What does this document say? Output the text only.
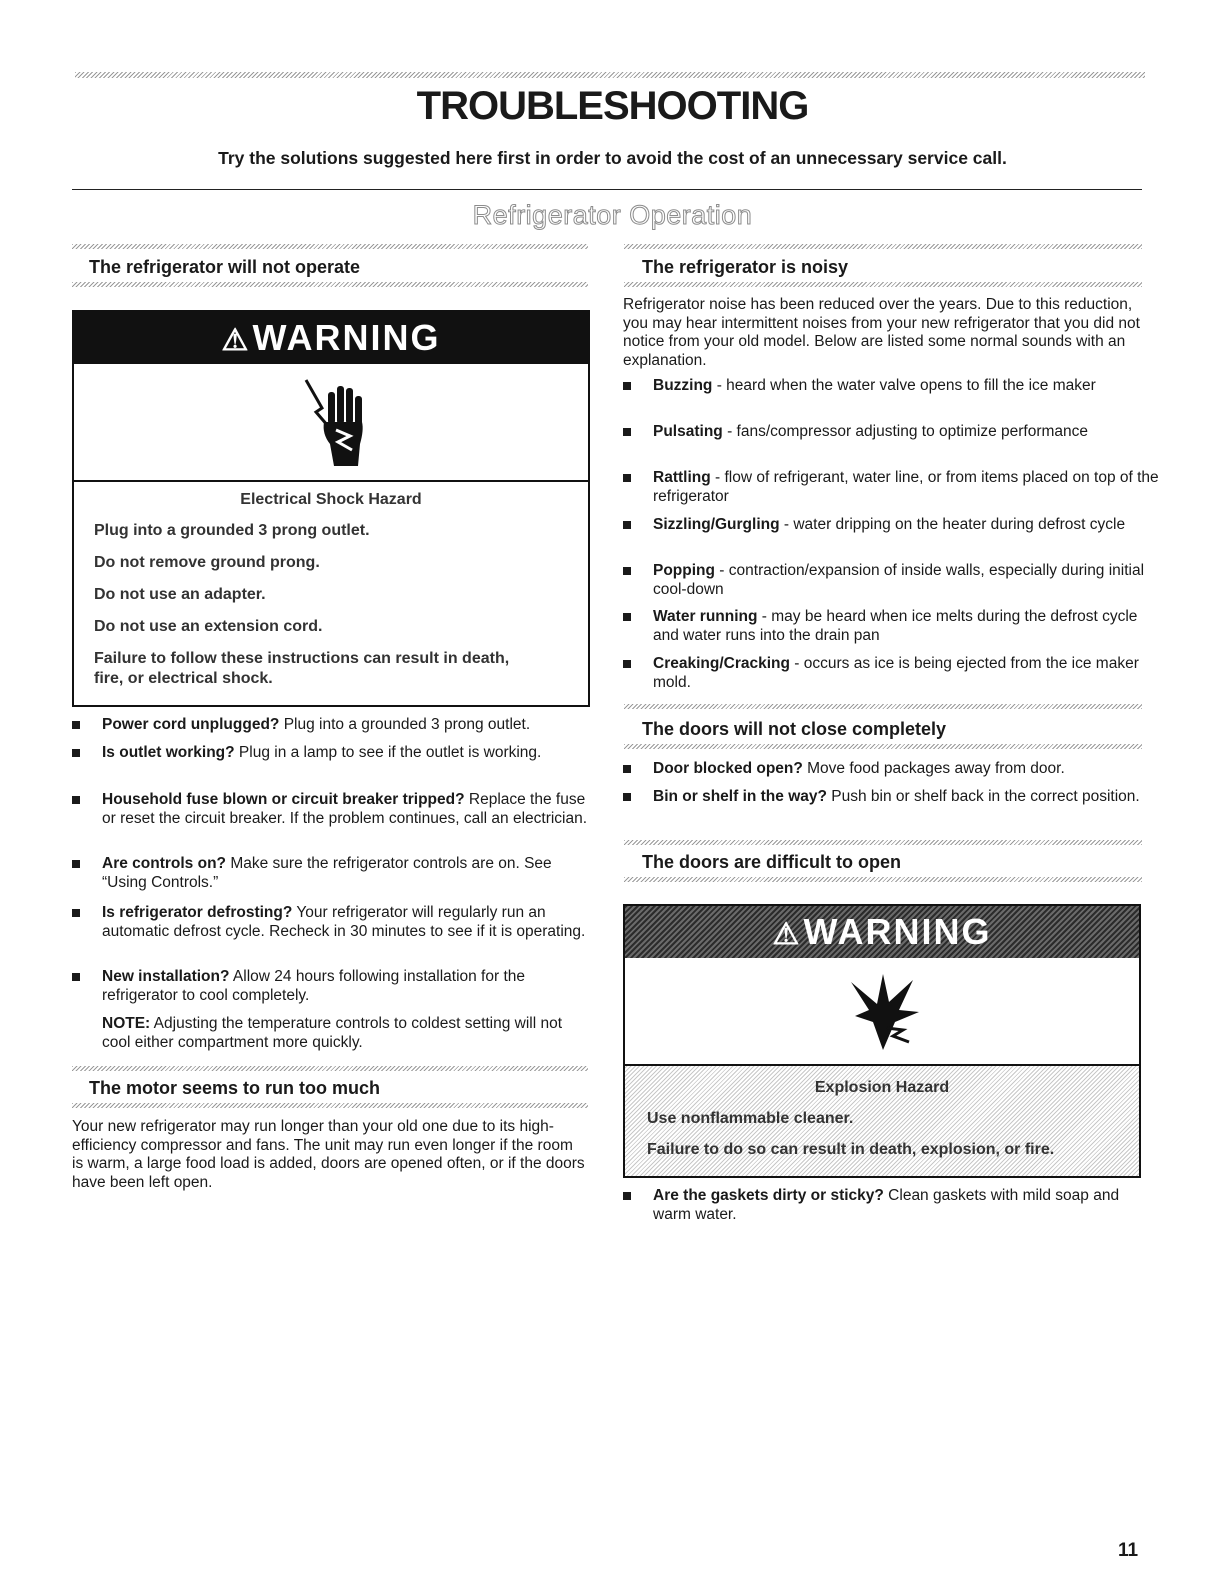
TROUBLESHOOTING

Try the solutions suggested here first in order to avoid the cost of an unnecessary service call.

Refrigerator Operation

The refrigerator will not operate
⚠WARNING

Electrical Shock Hazard

Plug into a grounded 3 prong outlet.

Do not remove ground prong.

Do not use an adapter.

Do not use an extension cord.

Failure to follow these instructions can result in death,

fire, or electrical shock.

Power cord unplugged? Plug into a grounded 3 prong outlet.
Is outlet working? Plug in a lamp to see if the outlet is working.
Household fuse blown or circuit breaker tripped? Replace the fuse or reset the circuit breaker. If the problem continues, call an electrician.
Are controls on? Make sure the refrigerator controls are on. See “Using Controls.”
Is refrigerator defrosting? Your refrigerator will regularly run an automatic defrost cycle. Recheck in 30 minutes to see if it is operating.
New installation? Allow 24 hours following installation for the refrigerator to cool completely.

NOTE: Adjusting the temperature controls to coldest setting will not cool either compartment more quickly.

The motor seems to run too much

Your new refrigerator may run longer than your old one due to its high-efficiency compressor and fans. The unit may run even longer if the room is warm, a large food load is added, doors are opened often, or if the doors have been left open.

The refrigerator is noisy

Refrigerator noise has been reduced over the years. Due to this reduction, you may hear intermittent noises from your new refrigerator that you did not notice from your old model. Below are listed some normal sounds with an explanation.

Buzzing - heard when the water valve opens to fill the ice maker
Pulsating - fans/compressor adjusting to optimize performance
Rattling - flow of refrigerant, water line, or from items placed on top of the refrigerator
Sizzling/Gurgling - water dripping on the heater during defrost cycle
Popping - contraction/expansion of inside walls, especially during initial cool-down
Water running - may be heard when ice melts during the defrost cycle and water runs into the drain pan
Creaking/Cracking - occurs as ice is being ejected from the ice maker mold.
The doors will not close completely
Door blocked open? Move food packages away from door.
Bin or shelf in the way? Push bin or shelf back in the correct position.
The doors are difficult to open
⚠WARNING

Explosion Hazard

Use nonflammable cleaner.

Failure to do so can result in death, explosion, or fire.

Are the gaskets dirty or sticky? Clean gaskets with mild soap and warm water.

11
